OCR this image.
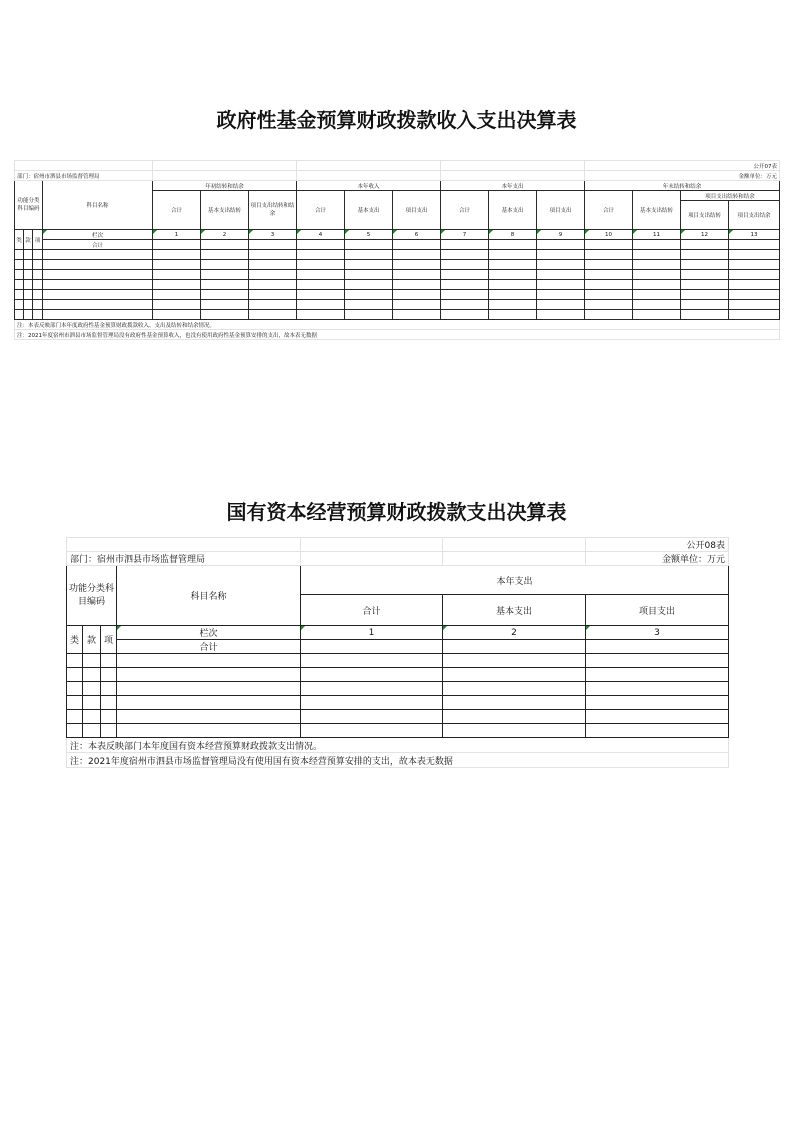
政府性基金预算财政拨款收入支出决算表
													公开07表			
部门：宿州市泗县市场监督管理局													金额单位：万元			
功能分类科目编码			科目名称	年初结转和结余			本年收入			本年支出			年末结转和结余			
				合计	基本支出结转	项目支出结转和结余	合计	基本支出	项目支出	合计	基本支出	项目支出	合计	基本支出结转	项目支出结转和结余	
															项目支出结转	项目支出结余
类	款	项	栏次	1	2	3	4	5	6	7	8	9	10	11	12	13
			合计													

注：本表反映部门本年度政府性基金预算财政拨款收入、支出及结转和结余情况。																
注：2021年度宿州市泗县市场监督管理局没有政府性基金预算收入，也没有使用政府性基金预算安排的支出，故本表无数据																
国有资本经营预算财政拨款支出决算表
						公开08表
部门：宿州市泗县市场监督管理局						金额单位：万元
功能分类科目编码			科目名称	本年支出		
				合计	基本支出	项目支出
类	款	项	栏次	1	2	3
			合计			

注：本表反映部门本年度国有资本经营预算财政拨款支出情况。						
注：2021年度宿州市泗县市场监督管理局没有使用国有资本经营预算安排的支出，故本表无数据						
